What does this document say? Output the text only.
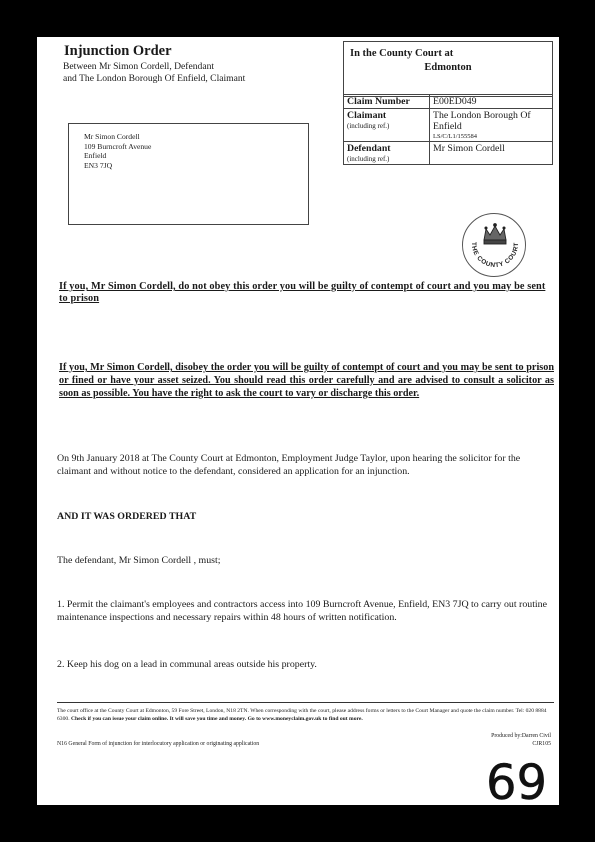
Injunction Order
Between Mr Simon Cordell, Defendant
and The London Borough Of Enfield, Claimant
In the County Court at
Edmonton
Claim Number	E00ED049
Claimant
(including ref.)	The London Borough Of Enfield
LS/C/L1/155584

Defendant
(including ref.)	Mr Simon Cordell
Mr Simon Cordell
109 Burncroft Avenue
Enfield
EN3 7JQ
THE COUNTY COURT
If you, Mr Simon Cordell, do not obey this order you will be guilty of contempt of court and you may be sent to prison
If you, Mr Simon Cordell, disobey the order you will be guilty of contempt of court and you may be sent to prison or fined or have your asset seized. You should read this order carefully and are advised to consult a solicitor as soon as possible. You have the right to ask the court to vary or discharge this order.
On 9th January 2018 at The County Court at Edmonton, Employment Judge Taylor, upon hearing the solicitor for the claimant and without notice to the defendant, considered an application for an injunction.
AND IT WAS ORDERED THAT
The defendant, Mr Simon Cordell , must;
1. Permit the claimant's employees and contractors access into 109 Burncroft Avenue, Enfield, EN3 7JQ to carry out routine maintenance inspections and necessary repairs within 48 hours of written notification.
2. Keep his dog on a lead in communal areas outside his property.
The court office at the County Court at Edmonton, 59 Fore Street, London, N18 2TN. When corresponding with the court, please address forms or letters to the Court Manager and quote the claim number. Tel: 020 8884 6300. Check if you can issue your claim online. It will save you time and money. Go to www.moneyclaim.gov.uk to find out more.
Produced by:Darren Civil
CJR105
N16 General Form of injunction for interlocutory application or originating application
69
